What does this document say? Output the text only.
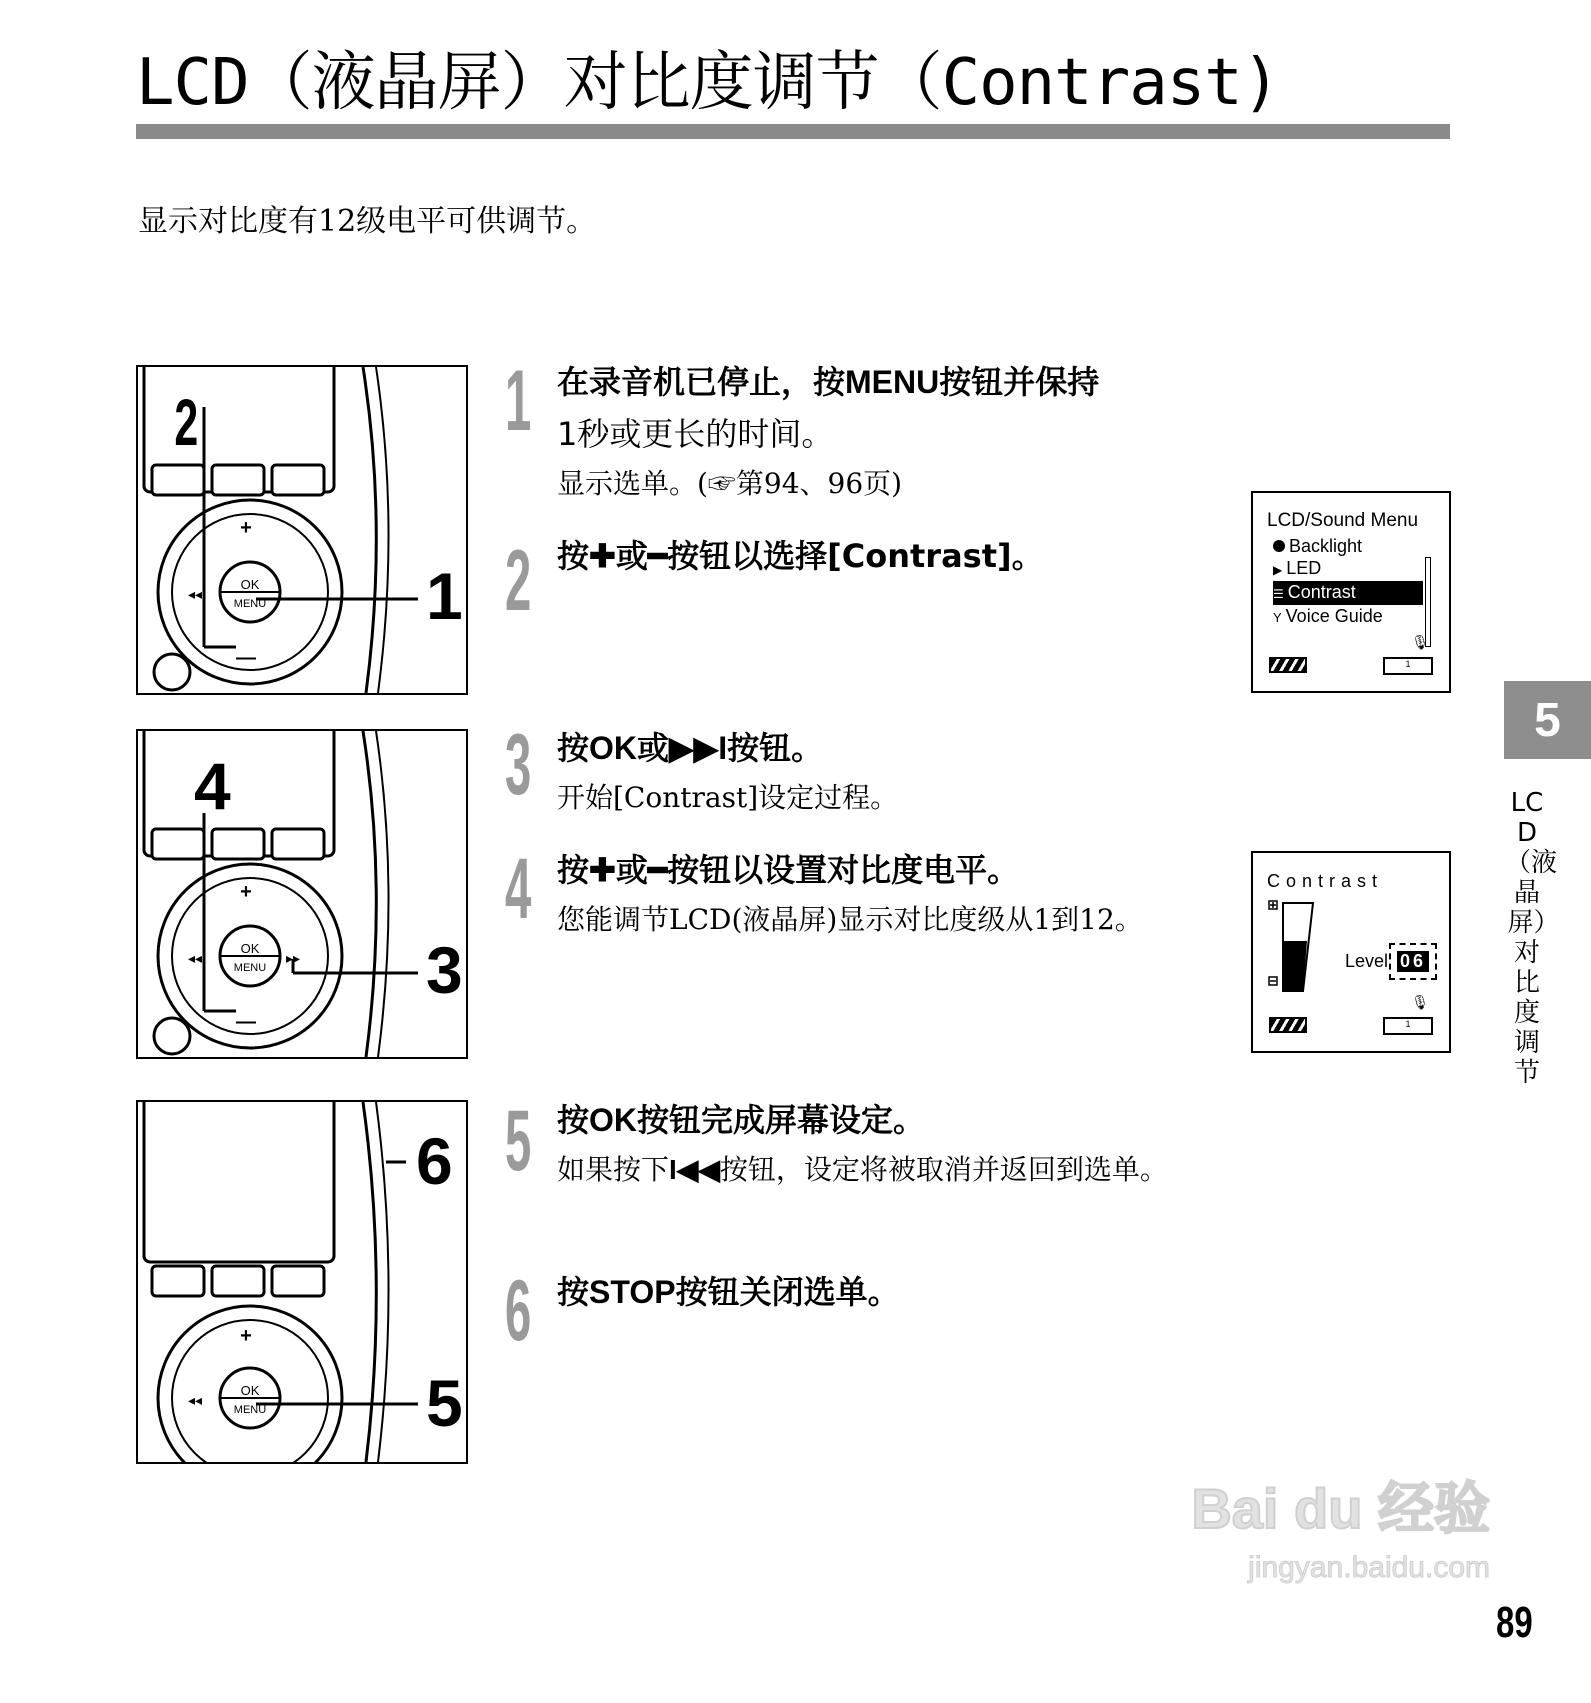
LCD（液晶屏）对比度调节（Contrast)
显示对比度有12级电平可供调节。
+
—
OK
MENU
◂◂
2
1
+
—
OK
MENU
◂◂	▸▸
4
3
+
OK
MENU
◂◂
6
5
1 在录音机已停止，按MENU按钮并保持
1秒或更长的时间。
显示选单。(☞第94、96页)
2 按✚或━按钮以选择[Contrast]。
LCD/Sound Menu
Backlight
▶ LED
☰ Contrast
Y Voice Guide
🎙
1
3 按OK或▶▶I按钮。
开始[Contrast]设定过程。
4 按✚或━按钮以设置对比度电平。
您能调节LCD(液晶屏)显示对比度级从1到12。
Contrast
Level 06
🎙
1
5 按OK按钮完成屏幕设定。
如果按下I◀◀按钮，设定将被取消并返回到选单。
6 按STOP按钮关闭选单。
5
LCD（液晶屏）对比度调节
Bai du 经验
jingyan.baidu.com
89
